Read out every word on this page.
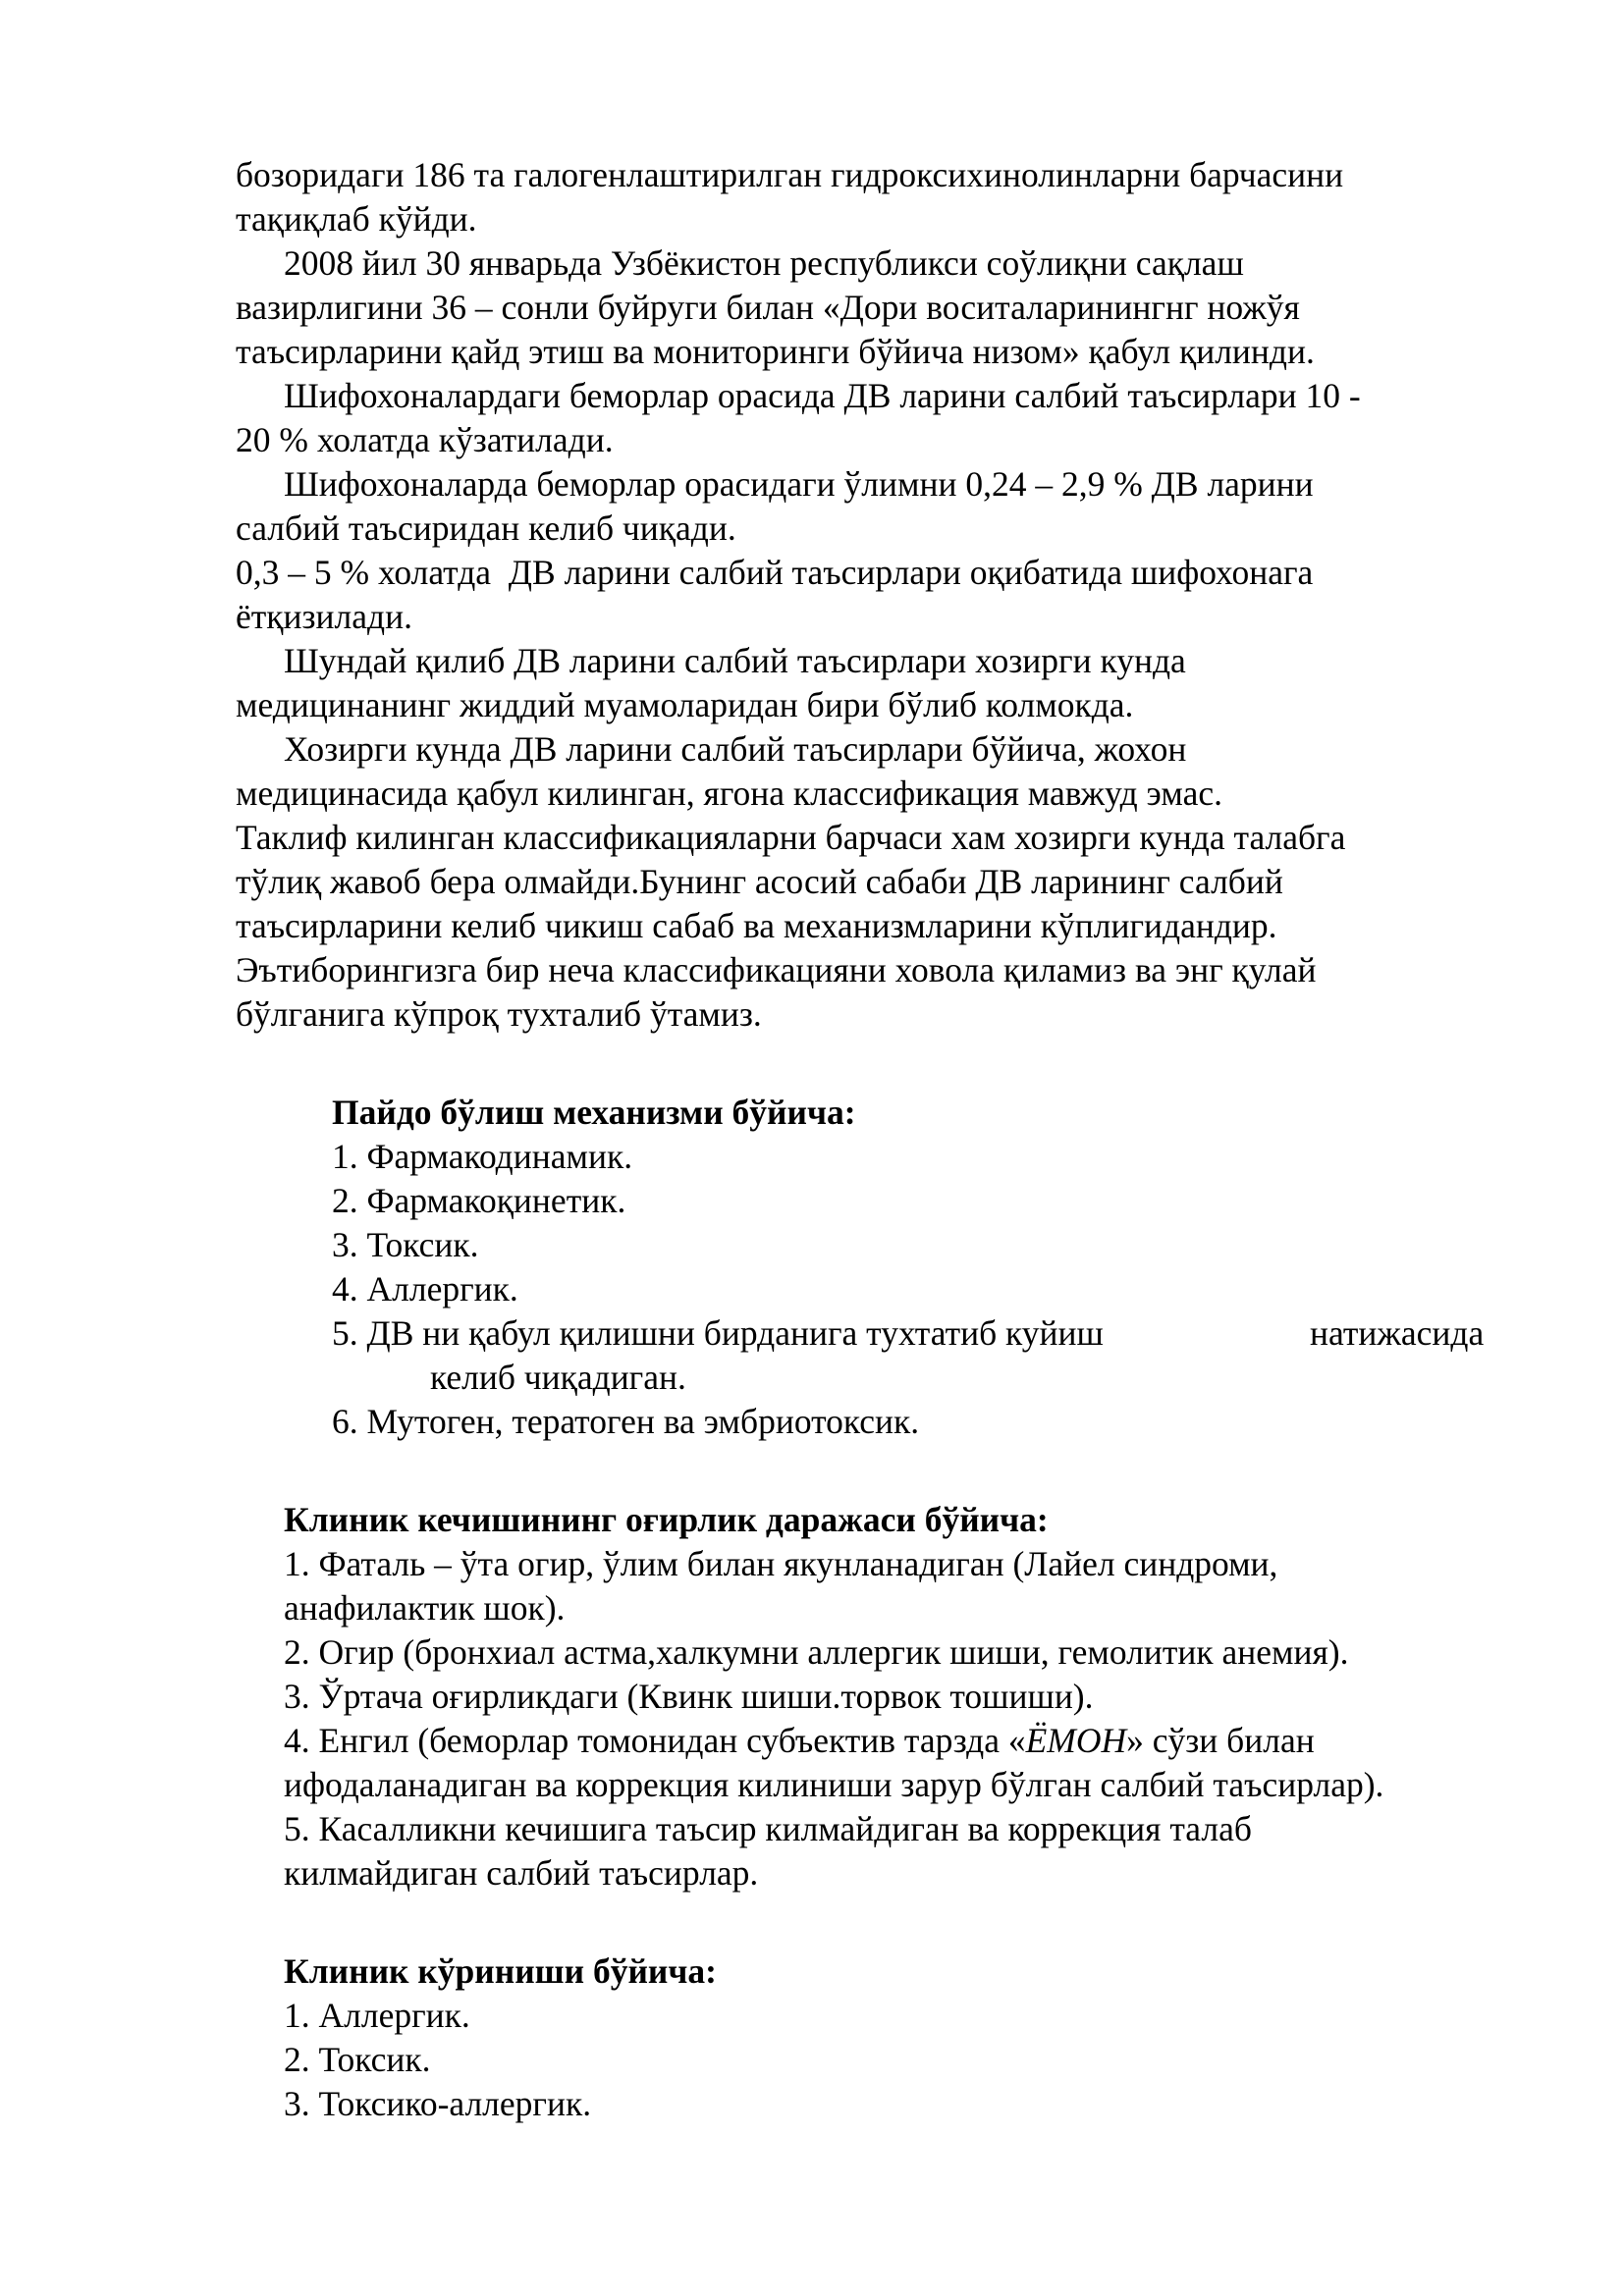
бозоридаги 186 та галогенлаштирилган гидроксихинолинларни барчасини
тақиқлаб кўйди.
2008 йил 30 январьда Узбёкистон республикси соўлиқни сақлаш
вазирлигини 36 – сонли буйруги билан «Дори воситаларинингнг ножўя
таъсирларини қайд этиш ва мониторинги бўйича низом» қабул қилинди.
Шифохоналардаги беморлар орасида ДВ ларини салбий таъсирлари 10 -
20 % холатда кўзатилади.
Шифохоналарда беморлар орасидаги ўлимни 0,24 – 2,9 % ДВ ларини
салбий таъсиридан келиб чиқади.
0,3 – 5 % холатда  ДВ ларини салбий таъсирлари оқибатида шифохонага
ётқизилади.
Шундай қилиб ДВ ларини салбий таъсирлари хозирги кунда
медицинанинг жиддий муамоларидан бири бўлиб колмокда.
Хозирги кунда ДВ ларини салбий таъсирлари бўйича, жохон
медицинасида қабул килинган, ягона классификация мавжуд эмас.
Таклиф килинган классификацияларни барчаси хам хозирги кунда талабга
тўлиқ жавоб бера олмайди.Бунинг асосий сабаби ДВ ларининг салбий
таъсирларини келиб чикиш сабаб ва механизмларини кўплигидандир.
Эътиборингизга бир неча классификацияни ховола қиламиз ва энг қулай
бўлганига кўпроқ тухталиб ўтамиз.
Пайдо бўлиш механизми бўйича:
1. Фармакодинамик.
2. Фармакоқинетик.
3. Токсик.
4. Аллергик.
5. ДВ ни қабул қилишни бирданига тухтатиб куйиш	натижасида
келиб чиқадиган.
6. Мутоген, тератоген ва эмбриотоксик.
Клиник кечишининг оғирлик даражаси бўйича:
1. Фаталь – ўта огир, ўлим билан якунланадиган (Лайел синдроми,
анафилактик шок).
2. Огир (бронхиал астма,халкумни аллергик шиши, гемолитик анемия).
3. Ўртача оғирликдаги (Квинк шиши.торвок тошиши).
4. Енгил (беморлар томонидан субъектив тарзда «ЁМОН» сўзи билан
ифодаланадиган ва коррекция килиниши зарур бўлган салбий таъсирлар).
5. Касалликни кечишига таъсир килмайдиган ва коррекция талаб
килмайдиган салбий таъсирлар.
Клиник кўриниши бўйича:
1. Аллергик.
2. Токсик.
3. Токсико-аллергик.
